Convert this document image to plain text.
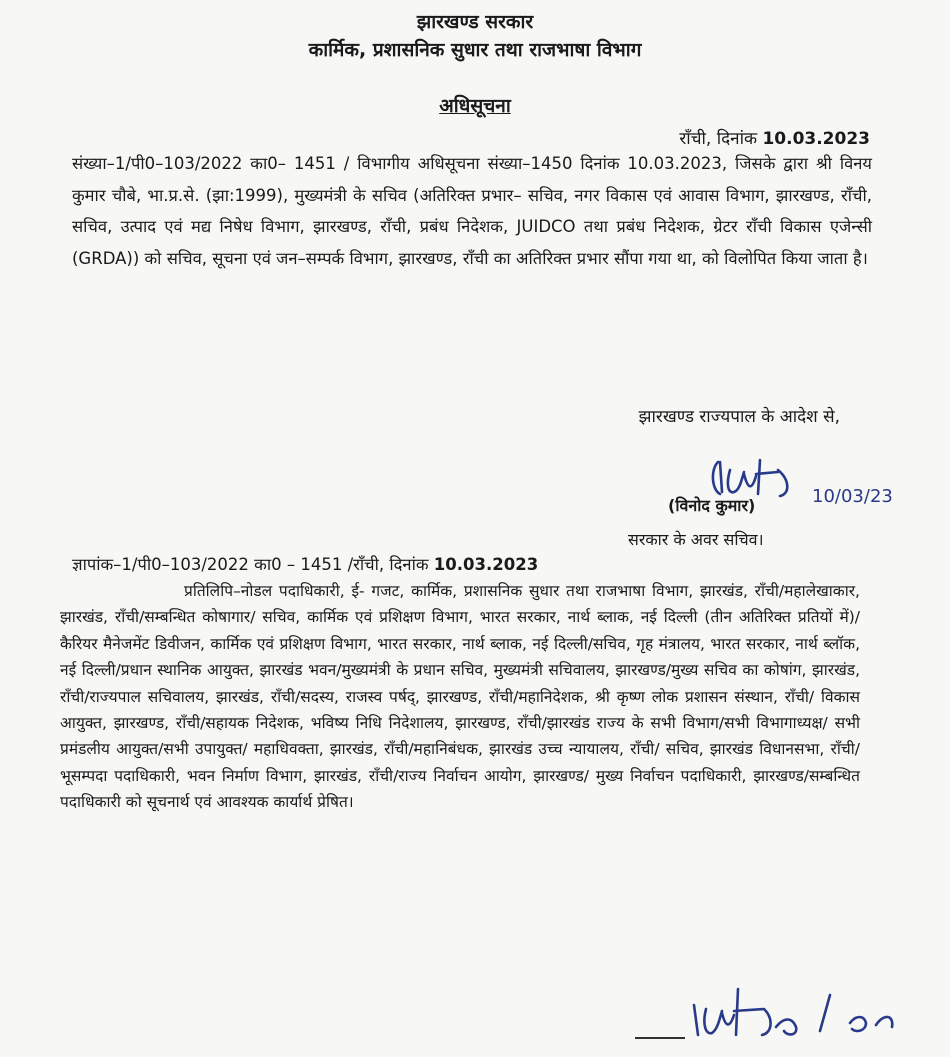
झारखण्ड सरकार
कार्मिक, प्रशासनिक सुधार तथा राजभाषा विभाग
अधिसूचना
राँची, दिनांक 10.03.2023

संख्या–1/पी0–103/2022 का0– 1451 / विभागीय अधिसूचना संख्या–1450 दिनांक 10.03.2023, जिसके द्वारा श्री विनय कुमार चौबे, भा.प्र.से. (झा:1999), मुख्यमंत्री के सचिव (अतिरिक्त प्रभार– सचिव, नगर विकास एवं आवास विभाग, झारखण्ड, राँची, सचिव, उत्पाद एवं मद्य निषेध विभाग, झारखण्ड, राँची, प्रबंध निदेशक, JUIDCO तथा प्रबंध निदेशक, ग्रेटर राँची विकास एजेन्सी (GRDA)) को सचिव, सूचना एवं जन–सम्पर्क विभाग, झारखण्ड, राँची का अतिरिक्त प्रभार सौंपा गया था, को विलोपित किया जाता है।

झारखण्ड राज्यपाल के आदेश से,
10/03/23
(विनोद कुमार)
सरकार के अवर सचिव।
ज्ञापांक–1/पी0–103/2022 का0 – 1451 /राँची, दिनांक 10.03.2023

प्रतिलिपि–नोडल पदाधिकारी, ई- गजट, कार्मिक, प्रशासनिक सुधार तथा राजभाषा विभाग, झारखंड, राँची/महालेखाकार, झारखंड, राँची/सम्बन्धित कोषागार/ सचिव, कार्मिक एवं प्रशिक्षण विभाग, भारत सरकार, नार्थ ब्लाक, नई दिल्ली (तीन अतिरिक्त प्रतियों में)/ कैरियर मैनेजमेंट डिवीजन, कार्मिक एवं प्रशिक्षण विभाग, भारत सरकार, नार्थ ब्लाक, नई दिल्ली/सचिव, गृह मंत्रालय, भारत सरकार, नार्थ ब्लॉक, नई दिल्ली/प्रधान स्थानिक आयुक्त, झारखंड भवन/मुख्यमंत्री के प्रधान सचिव, मुख्यमंत्री सचिवालय, झारखण्ड/मुख्य सचिव का कोषांग, झारखंड, राँची/राज्यपाल सचिवालय, झारखंड, राँची/सदस्य, राजस्व पर्षद्, झारखण्ड, राँची/महानिदेशक, श्री कृष्ण लोक प्रशासन संस्थान, राँची/ विकास आयुक्त, झारखण्ड, राँची/सहायक निदेशक, भविष्य निधि निदेशालय, झारखण्ड, राँची/झारखंड राज्य के सभी विभाग/सभी विभागाध्यक्ष/ सभी प्रमंडलीय आयुक्त/सभी उपायुक्त/ महाधिवक्ता, झारखंड, राँची/महानिबंधक, झारखंड उच्च न्यायालय, राँची/ सचिव, झारखंड विधानसभा, राँची/ भूसम्पदा पदाधिकारी, भवन निर्माण विभाग, झारखंड, राँची/राज्य निर्वाचन आयोग, झारखण्ड/ मुख्य निर्वाचन पदाधिकारी, झारखण्ड/सम्बन्धित पदाधिकारी को सूचनार्थ एवं आवश्यक कार्यार्थ प्रेषित।
